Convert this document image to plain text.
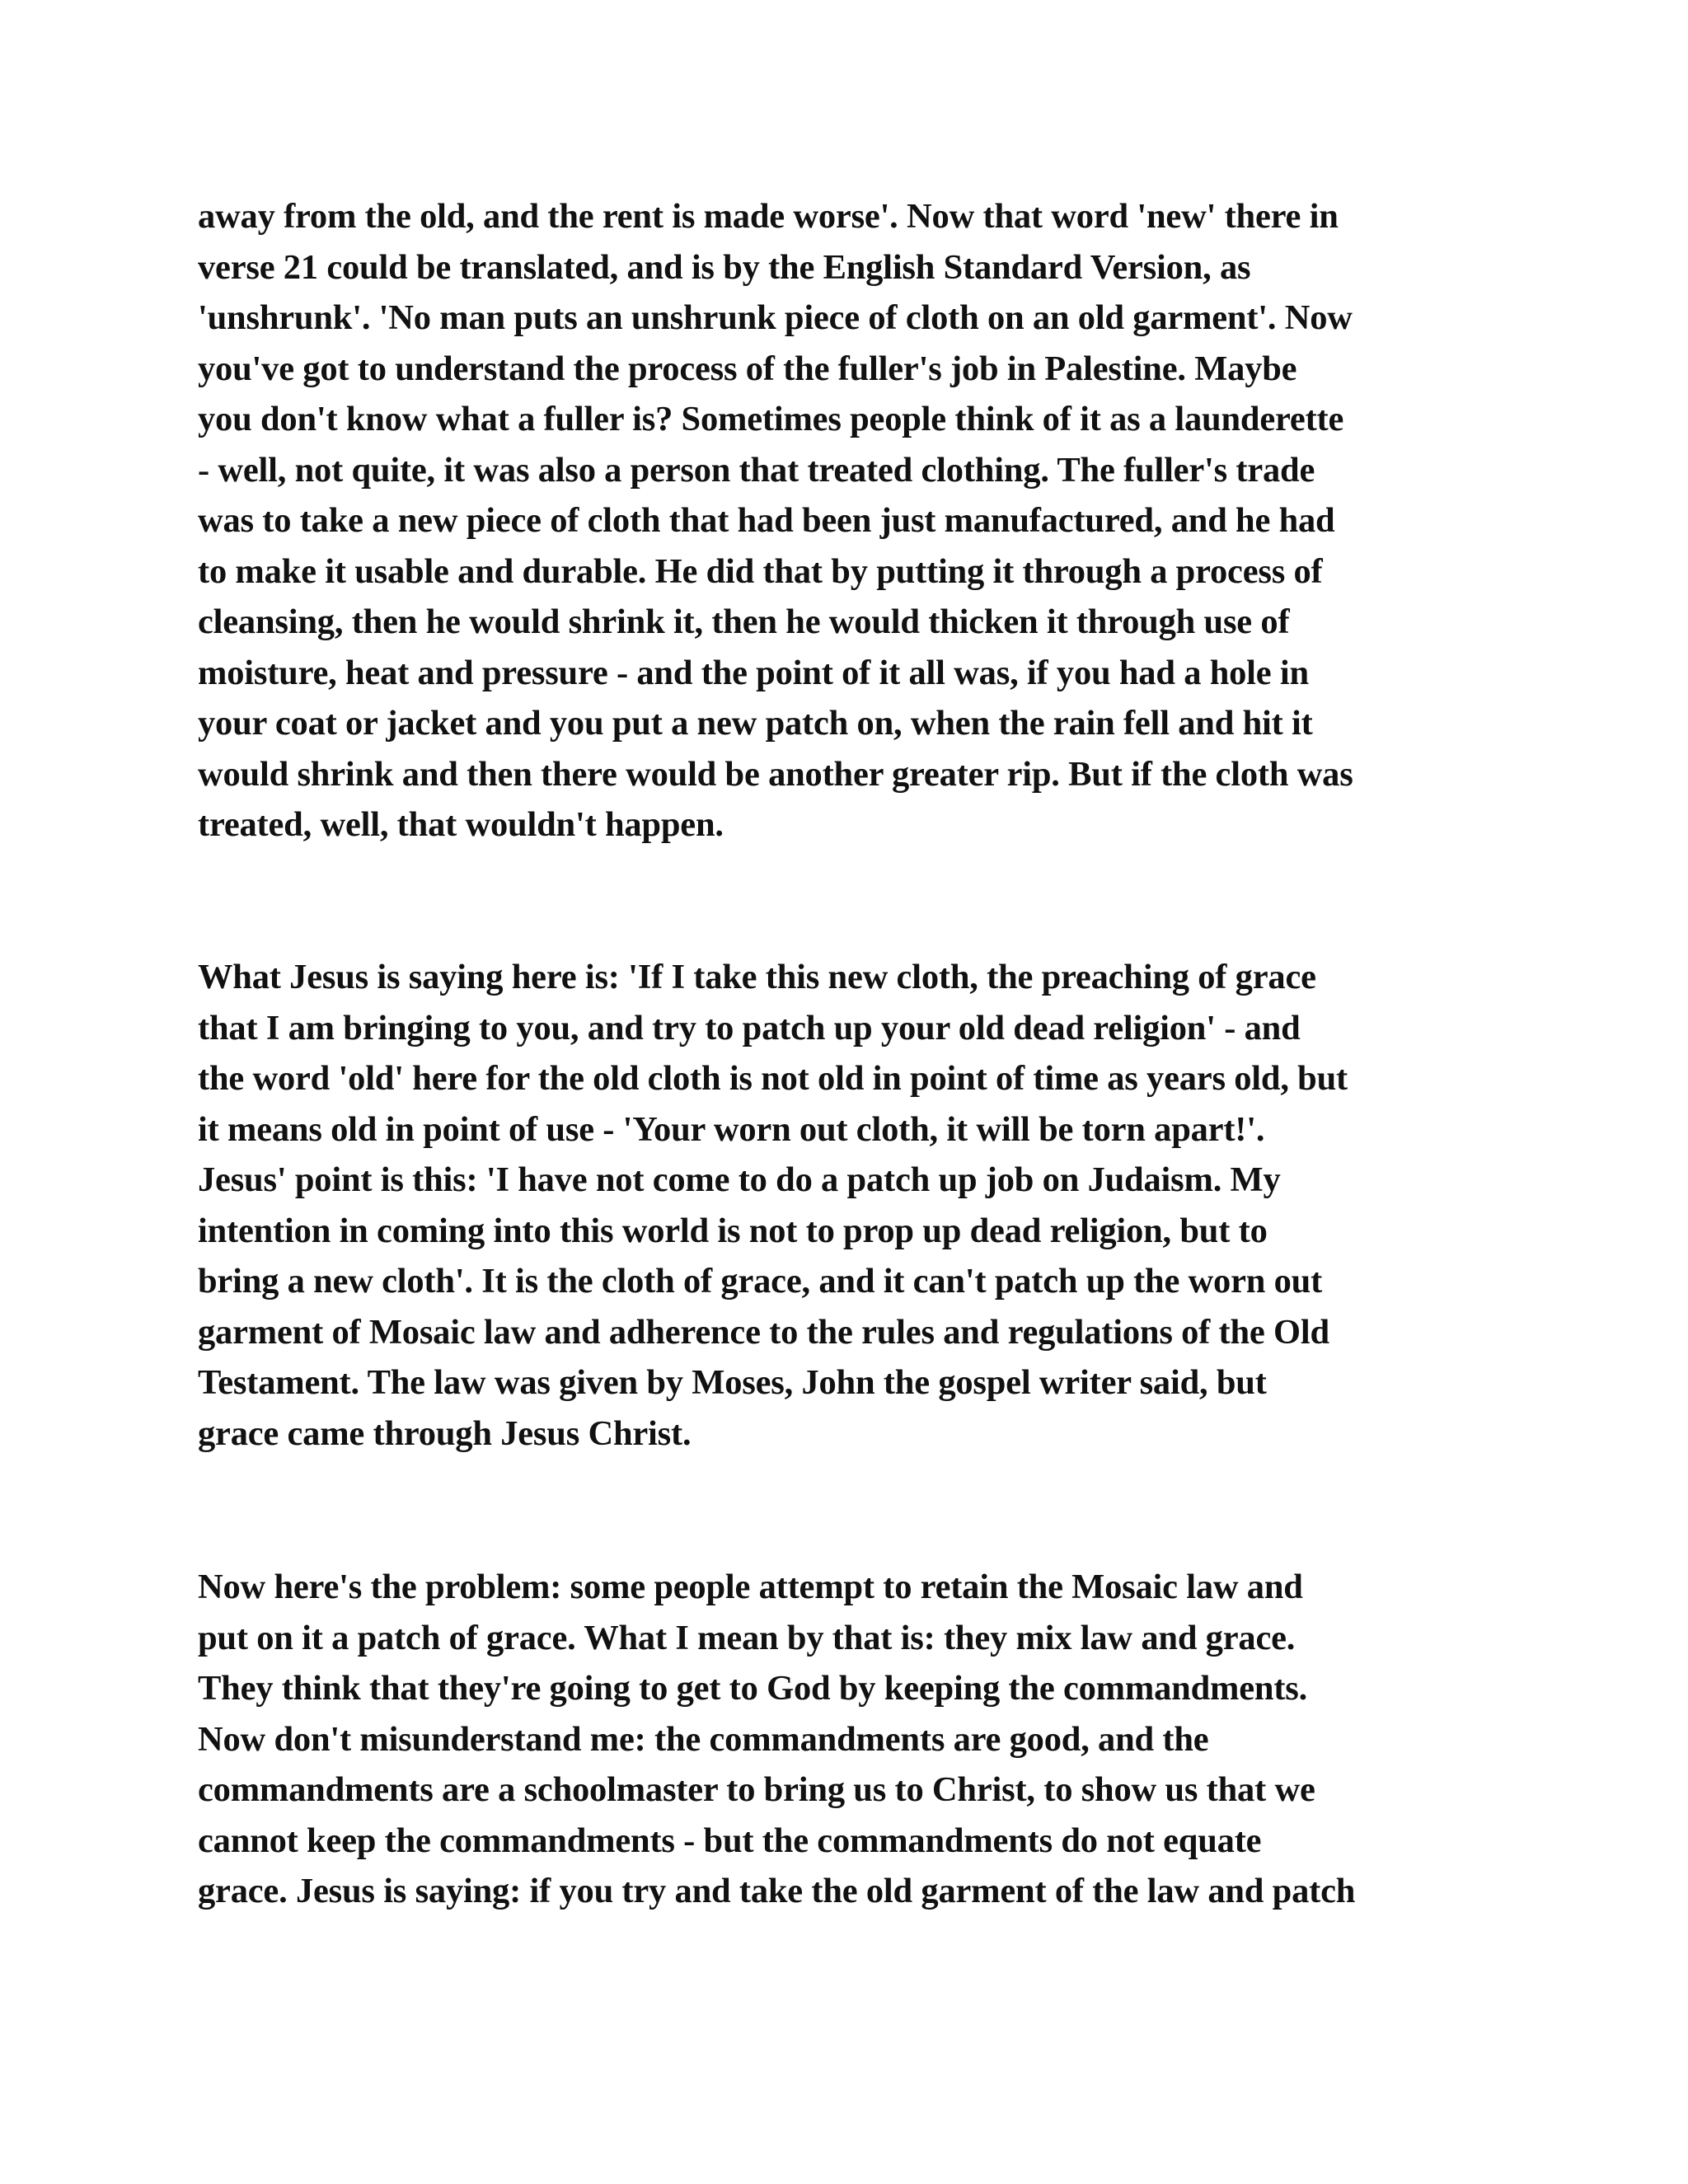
away from the old, and the rent is made worse'. Now that word 'new' there in
verse 21 could be translated, and is by the English Standard Version, as
'unshrunk'. 'No man puts an unshrunk piece of cloth on an old garment'. Now
you've got to understand the process of the fuller's job in Palestine. Maybe
you don't know what a fuller is? Sometimes people think of it as a launderette
- well, not quite, it was also a person that treated clothing. The fuller's trade
was to take a new piece of cloth that had been just manufactured, and he had
to make it usable and durable. He did that by putting it through a process of
cleansing, then he would shrink it, then he would thicken it through use of
moisture, heat and pressure - and the point of it all was, if you had a hole in
your coat or jacket and you put a new patch on, when the rain fell and hit it
would shrink and then there would be another greater rip. But if the cloth was
treated, well, that wouldn't happen.
What Jesus is saying here is: 'If I take this new cloth, the preaching of grace
that I am bringing to you, and try to patch up your old dead religion' - and
the word 'old' here for the old cloth is not old in point of time as years old, but
it means old in point of use - 'Your worn out cloth, it will be torn apart!'.
Jesus' point is this: 'I have not come to do a patch up job on Judaism. My
intention in coming into this world is not to prop up dead religion, but to
bring a new cloth'. It is the cloth of grace, and it can't patch up the worn out
garment of Mosaic law and adherence to the rules and regulations of the Old
Testament. The law was given by Moses, John the gospel writer said, but
grace came through Jesus Christ.
Now here's the problem: some people attempt to retain the Mosaic law and
put on it a patch of grace. What I mean by that is: they mix law and grace.
They think that they're going to get to God by keeping the commandments.
Now don't misunderstand me: the commandments are good, and the
commandments are a schoolmaster to bring us to Christ, to show us that we
cannot keep the commandments - but the commandments do not equate
grace. Jesus is saying: if you try and take the old garment of the law and patch
